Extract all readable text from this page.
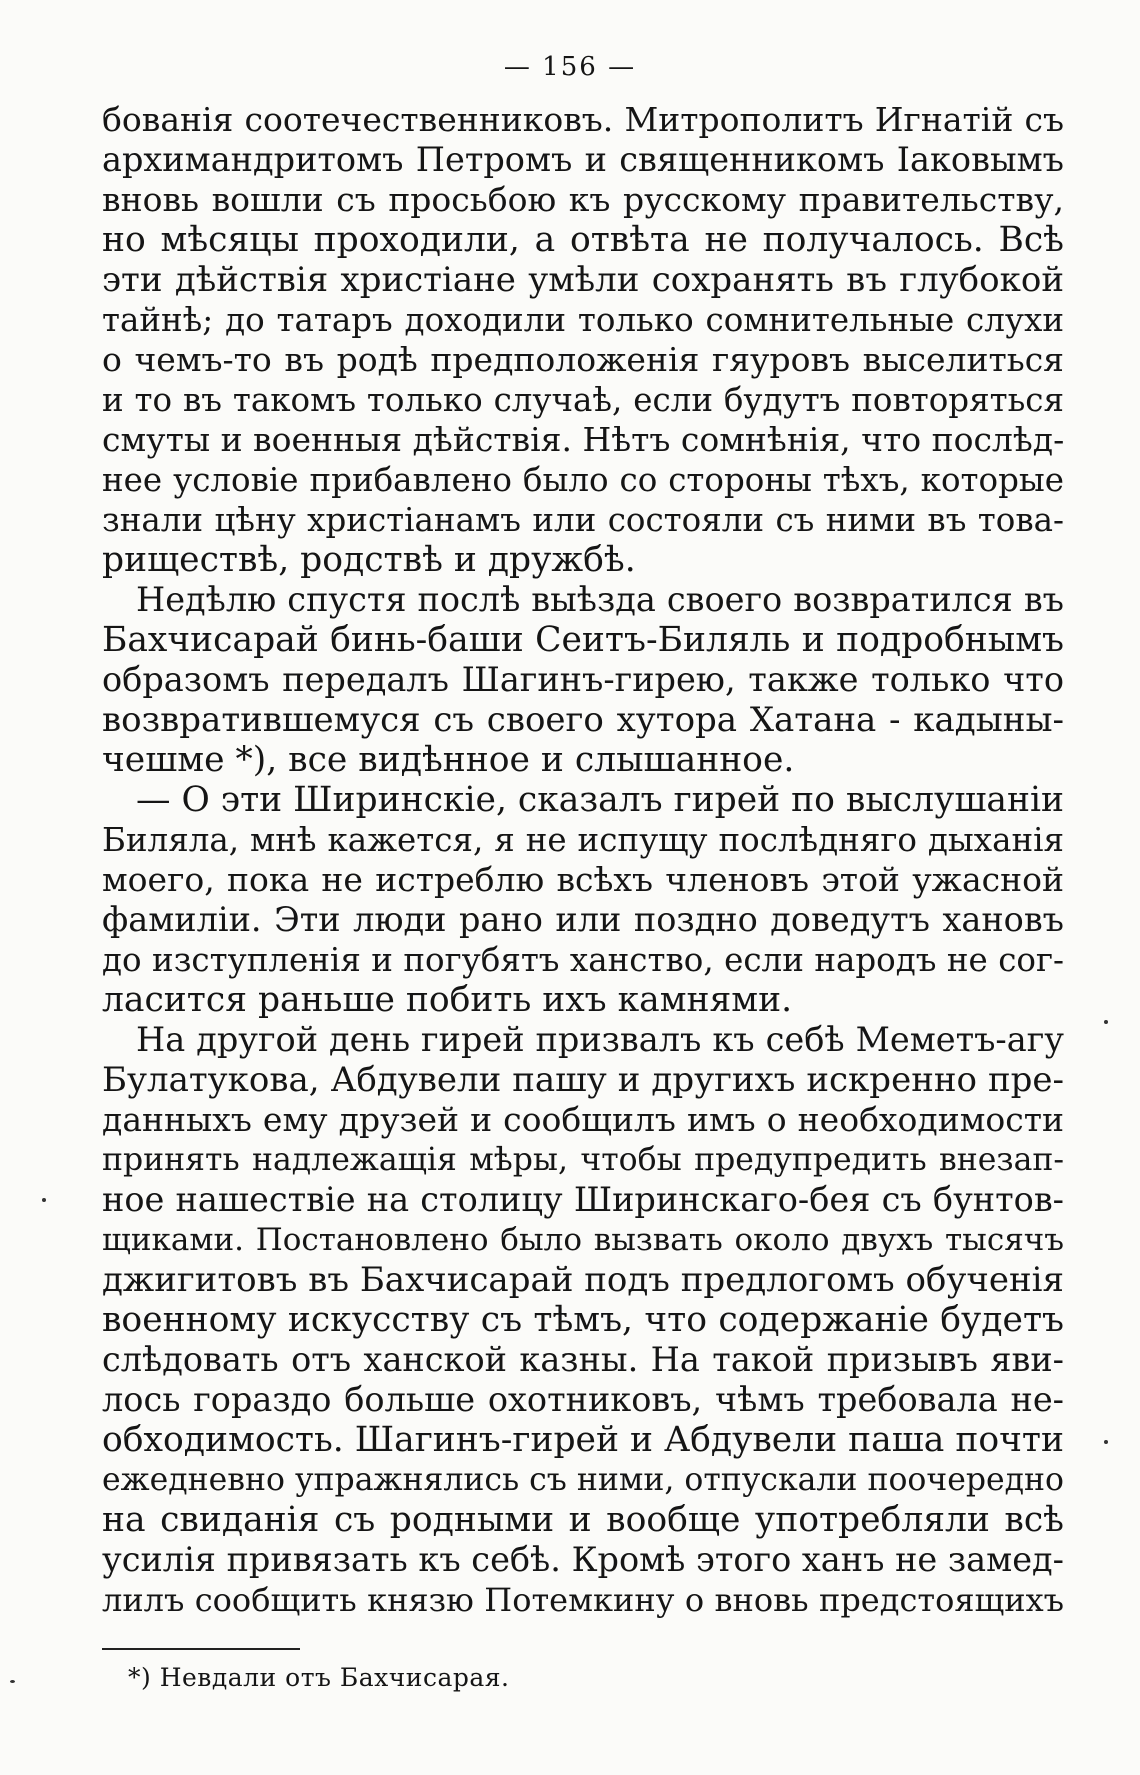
— 156 —
бованія соотечественниковъ. Митрополитъ Игнатій съ
архимандритомъ Петромъ и священникомъ Іаковымъ
вновь вошли съ просьбою къ русскому правительству,
но мѣсяцы проходили, а отвѣта не получалось. Всѣ
эти дѣйствія христіане умѣли сохранять въ глубокой
тайнѣ; до татаръ доходили только сомнительные слухи
о чемъ-то въ родѣ предположенія гяуровъ выселиться
и то въ такомъ только случаѣ, если будутъ повторяться
смуты и военныя дѣйствія. Нѣтъ сомнѣнія, что послѣд-
нее условіе прибавлено было со стороны тѣхъ, которые
знали цѣну христіанамъ или состояли съ ними въ това-
риществѣ, родствѣ и дружбѣ.
Недѣлю спустя послѣ выѣзда своего возвратился въ
Бахчисарай бинь-баши Сеитъ-Биляль и подробнымъ
образомъ передалъ Шагинъ-гирею, также только что
возвратившемуся съ своего хутора Хатана - кадыны-
чешме *), все видѣнное и слышанное.
— О эти Ширинскіе, сказалъ гирей по выслушаніи
Биляла, мнѣ кажется, я не испущу послѣдняго дыханія
моего, пока не истреблю всѣхъ членовъ этой ужасной
фамиліи. Эти люди рано или поздно доведутъ хановъ
до изступленія и погубятъ ханство, если народъ не сог-
ласится раньше побить ихъ камнями.
На другой день гирей призвалъ къ себѣ Меметъ-агу
Булатукова, Абдувели пашу и другихъ искренно пре-
данныхъ ему друзей и сообщилъ имъ о необходимости
принять надлежащія мѣры, чтобы предупредить внезап-
ное нашествіе на столицу Ширинскаго-бея съ бунтов-
щиками. Постановлено было вызвать около двухъ тысячъ
джигитовъ въ Бахчисарай подъ предлогомъ обученія
военному искусству съ тѣмъ, что содержаніе будетъ
слѣдовать отъ ханской казны. На такой призывъ яви-
лось гораздо больше охотниковъ, чѣмъ требовала не-
обходимость. Шагинъ-гирей и Абдувели паша почти
ежедневно упражнялись съ ними, отпускали поочередно
на свиданія съ родными и вообще употребляли всѣ
усилія привязать къ себѣ. Кромѣ этого ханъ не замед-
лилъ сообщить князю Потемкину о вновь предстоящихъ
*) Невдали отъ Бахчисарая.
